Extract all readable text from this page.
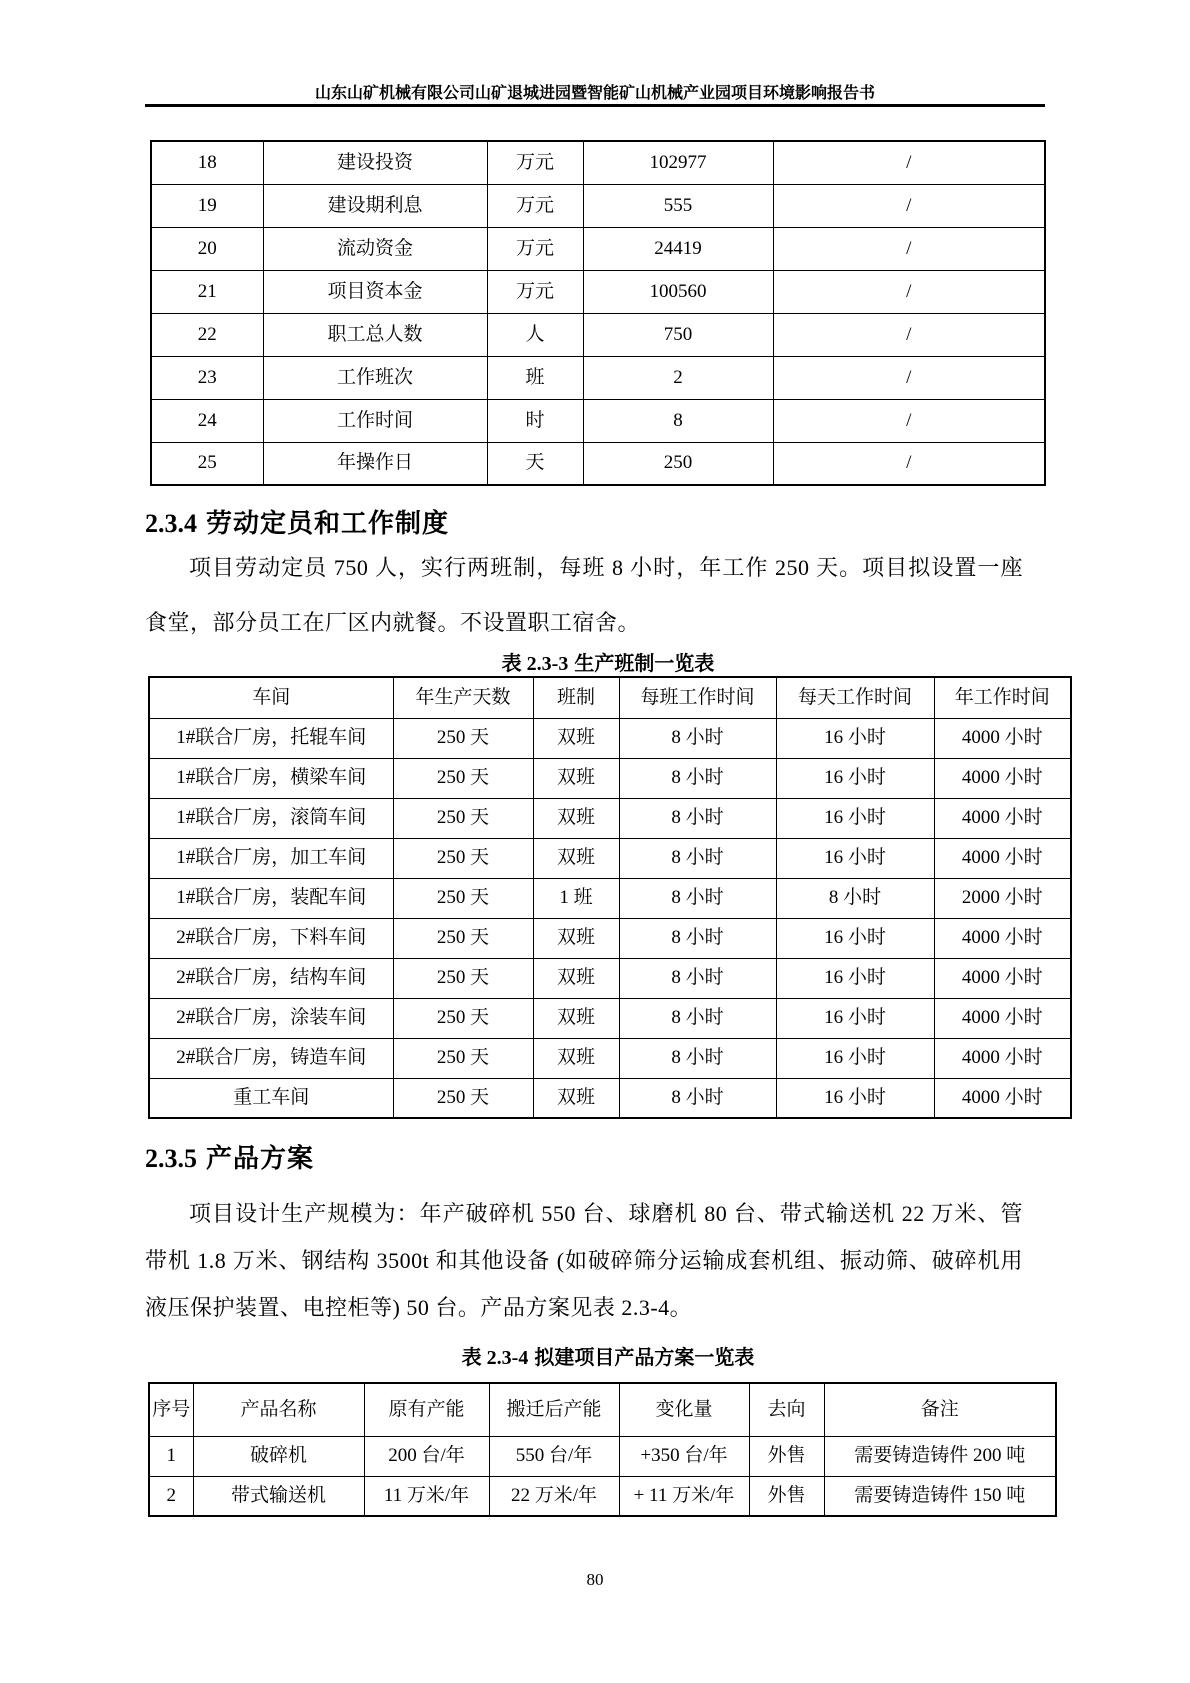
山东山矿机械有限公司山矿退城进园暨智能矿山机械产业园项目环境影响报告书
18	建设投资	万元	102977	/
19	建设期利息	万元	555	/
20	流动资金	万元	24419	/
21	项目资本金	万元	100560	/
22	职工总人数	人	750	/
23	工作班次	班	2	/
24	工作时间	时	8	/
25	年操作日	天	250	/
2.3.4 劳动定员和工作制度
项目劳动定员 750 人，实行两班制，每班 8 小时，年工作 250 天。项目拟设置一座食堂，部分员工在厂区内就餐。不设置职工宿舍。
表 2.3-3 生产班制一览表
车间	年生产天数	班制	每班工作时间	每天工作时间	年工作时间
1#联合厂房，托辊车间	250 天	双班	8 小时	16 小时	4000 小时
1#联合厂房，横梁车间	250 天	双班	8 小时	16 小时	4000 小时
1#联合厂房，滚筒车间	250 天	双班	8 小时	16 小时	4000 小时
1#联合厂房，加工车间	250 天	双班	8 小时	16 小时	4000 小时
1#联合厂房，装配车间	250 天	1 班	8 小时	8 小时	2000 小时
2#联合厂房，下料车间	250 天	双班	8 小时	16 小时	4000 小时
2#联合厂房，结构车间	250 天	双班	8 小时	16 小时	4000 小时
2#联合厂房，涂装车间	250 天	双班	8 小时	16 小时	4000 小时
2#联合厂房，铸造车间	250 天	双班	8 小时	16 小时	4000 小时
重工车间	250 天	双班	8 小时	16 小时	4000 小时
2.3.5 产品方案
项目设计生产规模为：年产破碎机 550 台、球磨机 80 台、带式输送机 22 万米、管带机 1.8 万米、钢结构 3500t 和其他设备 (如破碎筛分运输成套机组、振动筛、破碎机用液压保护装置、电控柜等) 50 台。产品方案见表 2.3-4。
表 2.3-4 拟建项目产品方案一览表
序号	产品名称	原有产能	搬迁后产能	变化量	去向	备注
1	破碎机	200 台/年	550 台/年	+350 台/年	外售	需要铸造铸件 200 吨
2	带式输送机	11 万米/年	22 万米/年	+ 11 万米/年	外售	需要铸造铸件 150 吨
80
